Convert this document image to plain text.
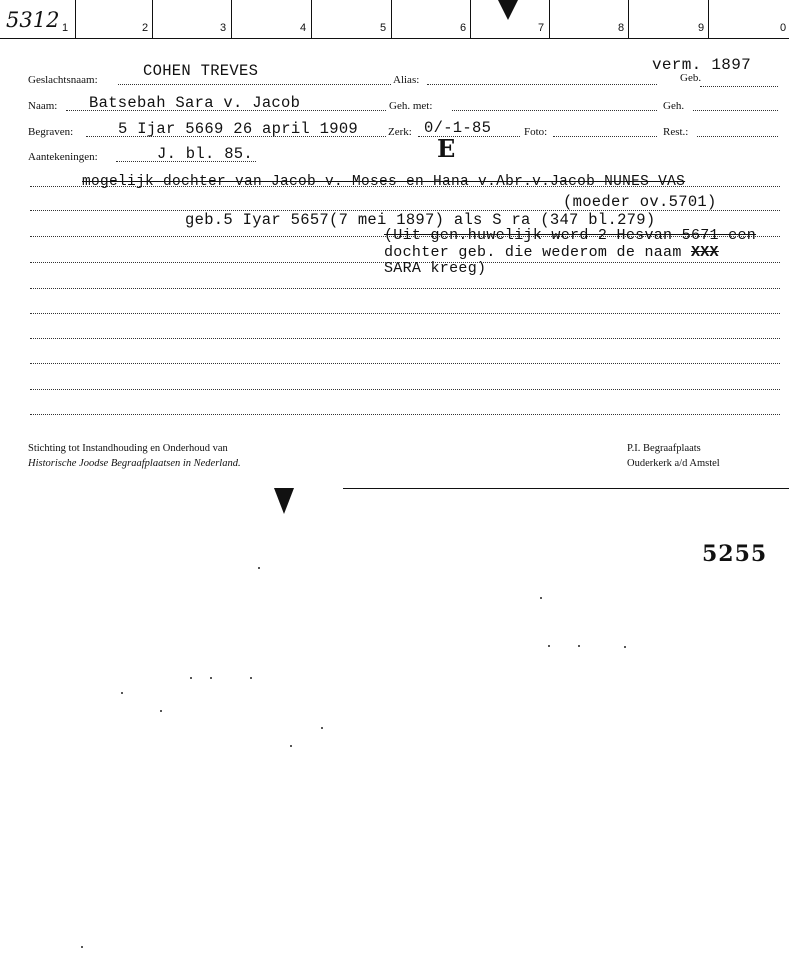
1	2	3	4	5	6	7	8	9	0
5312
Geslachtsnaam:	COHEN TREVES	Alias:
verm. 1897
Geb.
Naam: Batsebah Sara v. Jacob	Geh. met:	Geh.
Begraven:	5 Ijar 5669 26 april 1909	Zerk: 0/-1-85	Foto:	Rest.:
Aantekeningen:	J. bl. 85.	E
mogelijk dochter van Jacob v. Moses en Hana v.Abr.v.Jacob NUNES VAS
(moeder ov.5701)
geb.5 Iyar 5657(7 mei 1897) als S ra (347 bl.279)
(Uit gen.huwelijk werd 2 Hesvan 5671 een
dochter geb. die wederom de naam XXX
SARA kreeg)
Stichting tot Instandhouding en Onderhoud van
Historische Joodse Begraafplaatsen in Nederland.
P.I. Begraafplaats
Ouderkerk a/d Amstel
5255
